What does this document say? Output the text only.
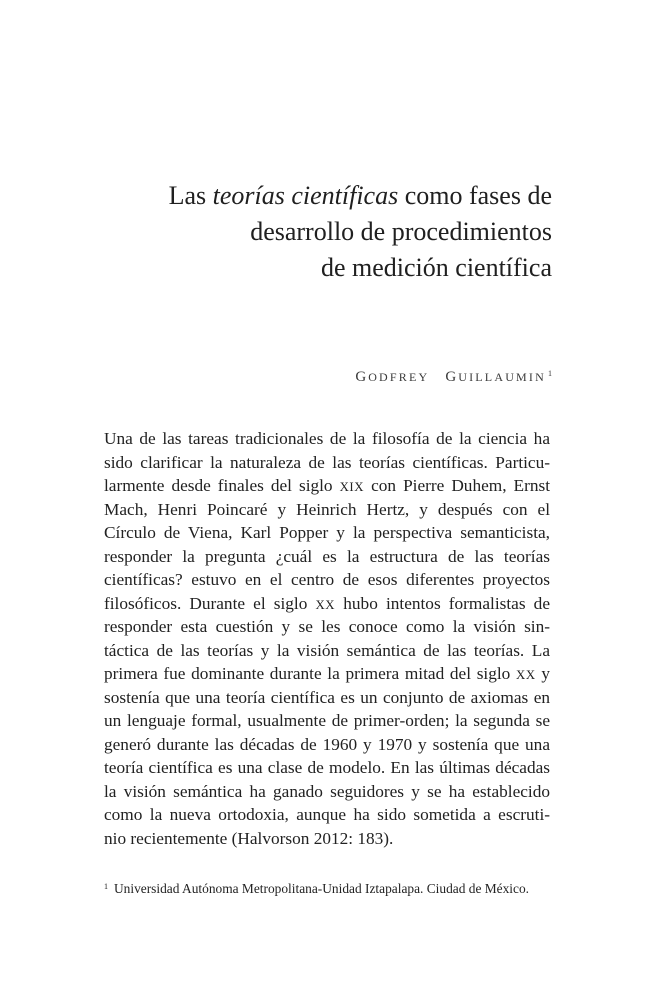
Las teorías científicas como fases de
desarrollo de procedimientos
de medición científica
GODFREY GUILLAUMIN $^1$
Una de las tareas tradicionales de la filosofía de la ciencia ha
sido clarificar la naturaleza de las teorías científicas. Particu-
larmente desde finales del siglo XIX con Pierre Duhem, Ernst
Mach, Henri Poincaré y Heinrich Hertz, y después con el
Círculo de Viena, Karl Popper y la perspectiva semanticista,
responder la pregunta ¿cuál es la estructura de las teorías
científicas? estuvo en el centro de esos diferentes proyectos
filosóficos. Durante el siglo XX hubo intentos formalistas de
responder esta cuestión y se les conoce como la visión sin-
táctica de las teorías y la visión semántica de las teorías. La
primera fue dominante durante la primera mitad del siglo XX y
sostenía que una teoría científica es un conjunto de axiomas en
un lenguaje formal, usualmente de primer-orden; la segunda se
generó durante las décadas de 1960 y 1970 y sostenía que una
teoría científica es una clase de modelo. En las últimas décadas
la visión semántica ha ganado seguidores y se ha establecido
como la nueva ortodoxia, aunque ha sido sometida a escruti-
nio recientemente (Halvorson 2012: 183).
$^1$ Universidad Autónoma Metropolitana-Unidad Iztapalapa. Ciudad de México.
